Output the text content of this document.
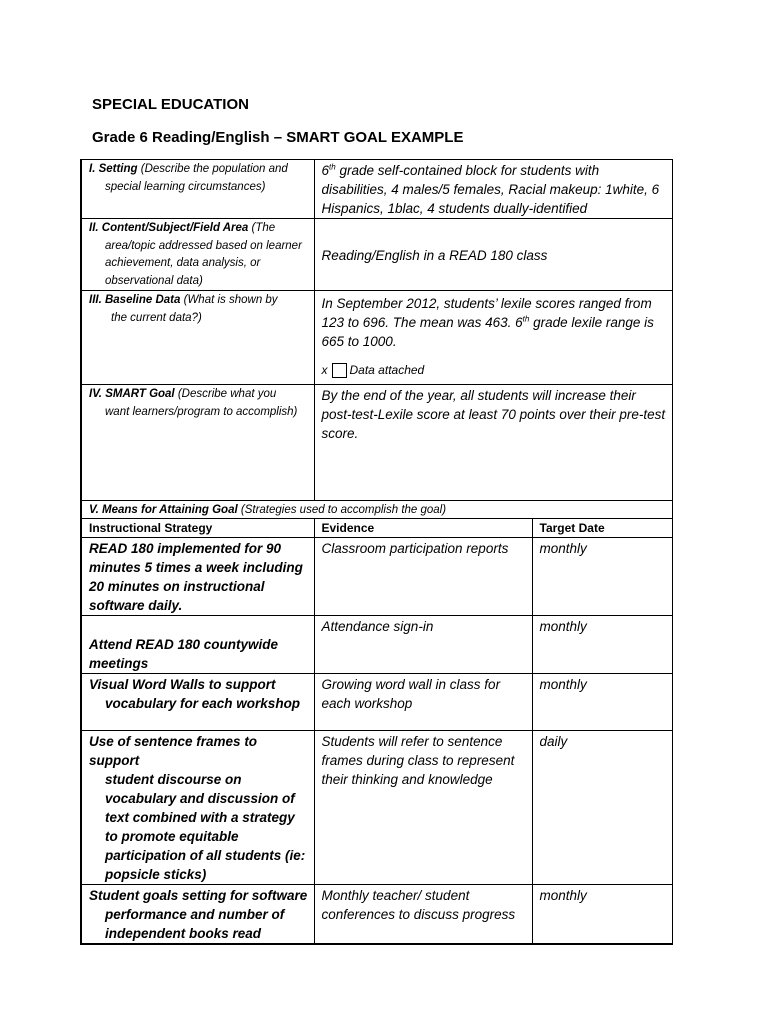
SPECIAL EDUCATION
Grade 6 Reading/English – SMART GOAL EXAMPLE
I. Setting (Describe the population and
special learning circumstances)	6th grade self-contained block for students with disabilities, 4 males/5 females, Racial makeup: 1white, 6 Hispanics, 1blac, 4 students dually-identified	
II. Content/Subject/Field Area (The
area/topic addressed based on learner achievement, data analysis, or observational data)	Reading/English in a READ 180 class	
III. Baseline Data (What is shown by
the current data?)	In September 2012, students’ lexile scores ranged from 123 to 696. The mean was 463. 6th grade lexile range is 665 to 1000.
x Data attached	

IV. SMART Goal (Describe what you
want learners/program to accomplish)	By the end of the year, all students will increase their post-test-Lexile score at least 70 points over their pre-test score.	
V. Means for Attaining Goal (Strategies used to accomplish the goal)		
Instructional Strategy	Evidence	Target Date

READ 180 implemented for 90 minutes 5 times a week including 20 minutes on instructional software daily.	Classroom participation reports	monthly

Attend READ 180 countywide meetings	Attendance sign-in	monthly

Visual Word Walls to support
vocabulary for each workshop	Growing word wall in class for each workshop	monthly

Use of sentence frames to support
student discourse on vocabulary and discussion of text combined with a strategy to promote equitable participation of all students (ie: popsicle sticks)	Students will refer to sentence frames during class to represent their thinking and knowledge	daily

Student goals setting for software
performance and number of independent books read	Monthly teacher/ student conferences to discuss progress	monthly
